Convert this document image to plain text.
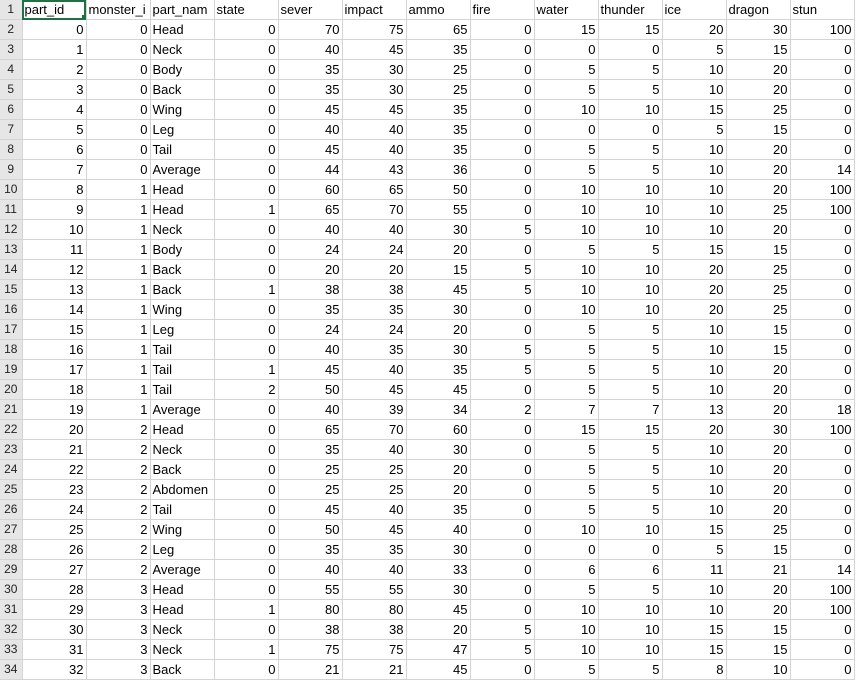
1	part_id	monster_i	part_nam	state	sever	impact	ammo	fire	water	thunder	ice	dragon	stun
2	0	0	Head	0	70	75	65	0	15	15	20	30	100
3	1	0	Neck	0	40	45	35	0	0	0	5	15	0
4	2	0	Body	0	35	30	25	0	5	5	10	20	0
5	3	0	Back	0	35	30	25	0	5	5	10	20	0
6	4	0	Wing	0	45	45	35	0	10	10	15	25	0
7	5	0	Leg	0	40	40	35	0	0	0	5	15	0
8	6	0	Tail	0	45	40	35	0	5	5	10	20	0
9	7	0	Average	0	44	43	36	0	5	5	10	20	14
10	8	1	Head	0	60	65	50	0	10	10	10	20	100
11	9	1	Head	1	65	70	55	0	10	10	10	25	100
12	10	1	Neck	0	40	40	30	5	10	10	10	20	0
13	11	1	Body	0	24	24	20	0	5	5	15	15	0
14	12	1	Back	0	20	20	15	5	10	10	20	25	0
15	13	1	Back	1	38	38	45	5	10	10	20	25	0
16	14	1	Wing	0	35	35	30	0	10	10	20	25	0
17	15	1	Leg	0	24	24	20	0	5	5	10	15	0
18	16	1	Tail	0	40	35	30	5	5	5	10	15	0
19	17	1	Tail	1	45	40	35	5	5	5	10	20	0
20	18	1	Tail	2	50	45	45	0	5	5	10	20	0
21	19	1	Average	0	40	39	34	2	7	7	13	20	18
22	20	2	Head	0	65	70	60	0	15	15	20	30	100
23	21	2	Neck	0	35	40	30	0	5	5	10	20	0
24	22	2	Back	0	25	25	20	0	5	5	10	20	0
25	23	2	Abdomen	0	25	25	20	0	5	5	10	20	0
26	24	2	Tail	0	45	40	35	0	5	5	10	20	0
27	25	2	Wing	0	50	45	40	0	10	10	15	25	0
28	26	2	Leg	0	35	35	30	0	0	0	5	15	0
29	27	2	Average	0	40	40	33	0	6	6	11	21	14
30	28	3	Head	0	55	55	30	0	5	5	10	20	100
31	29	3	Head	1	80	80	45	0	10	10	10	20	100
32	30	3	Neck	0	38	38	20	5	10	10	15	15	0
33	31	3	Neck	1	75	75	47	5	10	10	15	15	0
34	32	3	Back	0	21	21	45	0	5	5	8	10	0
